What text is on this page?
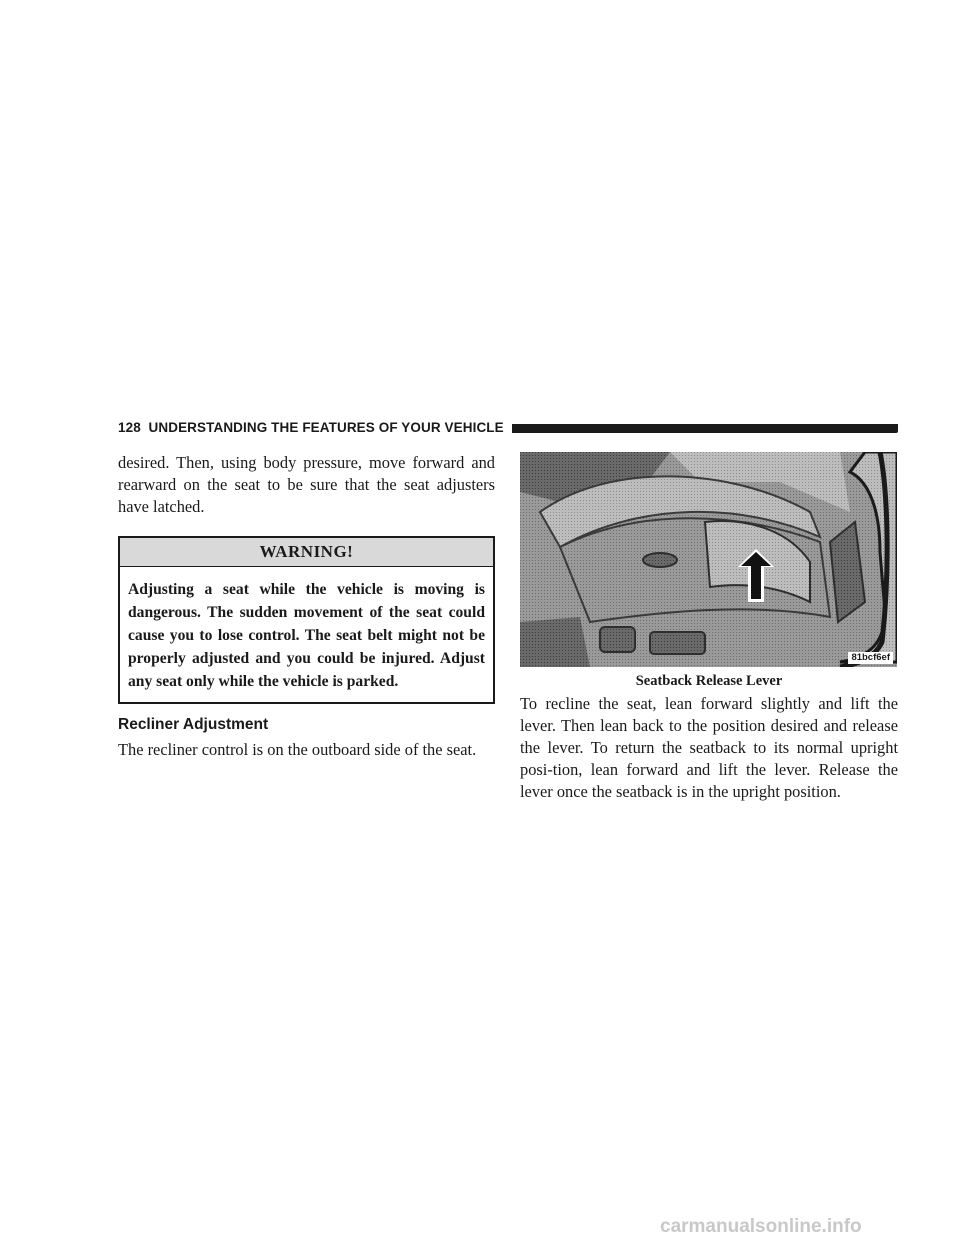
128 UNDERSTANDING THE FEATURES OF YOUR VEHICLE

desired. Then, using body pressure, move forward and rearward on the seat to be sure that the seat adjusters have latched.

WARNING!
Adjusting a seat while the vehicle is moving is dangerous. The sudden movement of the seat could cause you to lose control. The seat belt might not be properly adjusted and you could be injured. Adjust any seat only while the vehicle is parked.
Recliner Adjustment

The recliner control is on the outboard side of the seat.

81bcf6ef
Seatback Release Lever

To recline the seat, lean forward slightly and lift the lever. Then lean back to the position desired and release the lever. To return the seatback to its normal upright posi-tion, lean forward and lift the lever. Release the lever once the seatback is in the upright position.

carmanualsonline.info
